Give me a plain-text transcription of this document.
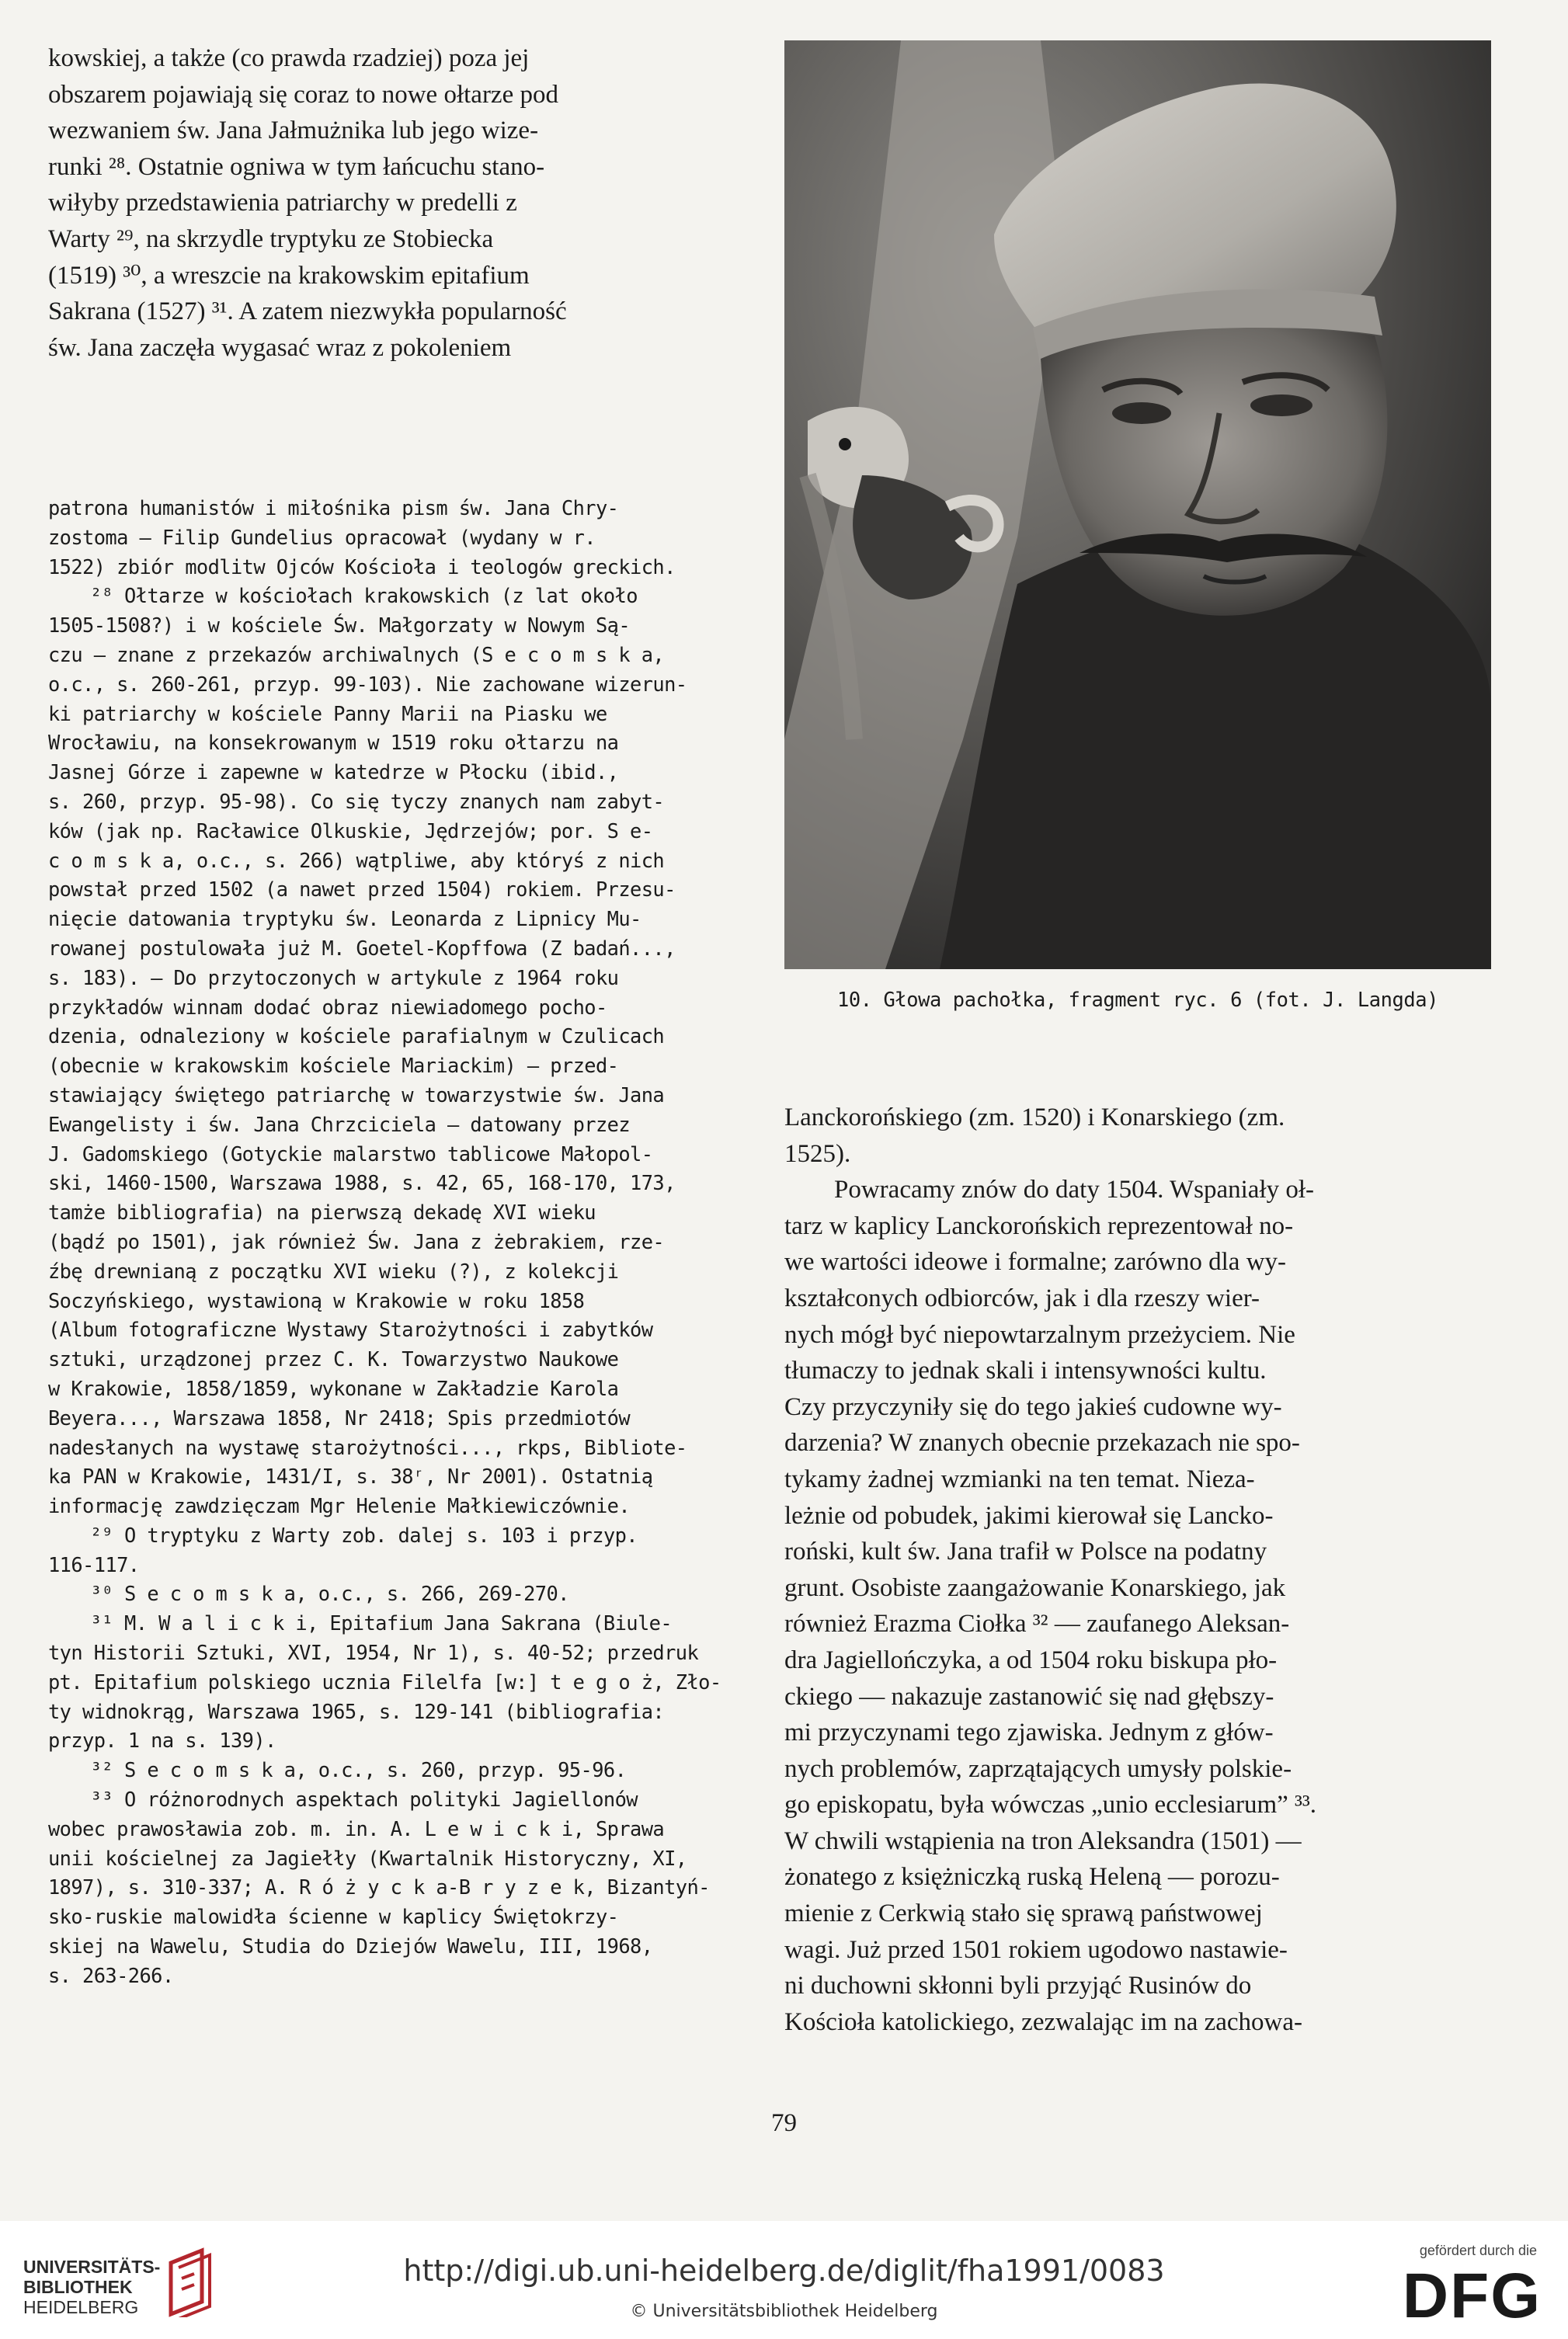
kowskiej, a także (co prawda rzadziej) poza jej

obszarem pojawiają się coraz to nowe ołtarze pod

wezwaniem św. Jana Jałmużnika lub jego wize-

runki ²⁸. Ostatnie ogniwa w tym łańcuchu stano-

wiłyby przedstawienia patriarchy w predelli z

Warty ²⁹, na skrzydle tryptyku ze Stobiecka

(1519) ³⁰, a wreszcie na krakowskim epitafium

Sakrana (1527) ³¹. A zatem niezwykła popularność

św. Jana zaczęła wygasać wraz z pokoleniem

patrona humanistów i miłośnika pism św. Jana Chry-

zostoma — Filip Gundelius opracował (wydany w r.

1522) zbiór modlitw Ojców Kościoła i teologów greckich.

²⁸ Ołtarze w kościołach krakowskich (z lat około

1505-1508?) i w kościele Św. Małgorzaty w Nowym Są-

czu — znane z przekazów archiwalnych (S e c o m s k a,

o.c., s. 260-261, przyp. 99-103). Nie zachowane wizerun-

ki patriarchy w kościele Panny Marii na Piasku we

Wrocławiu, na konsekrowanym w 1519 roku ołtarzu na

Jasnej Górze i zapewne w katedrze w Płocku (ibid.,

s. 260, przyp. 95-98). Co się tyczy znanych nam zabyt-

ków (jak np. Racławice Olkuskie, Jędrzejów; por. S e-

c o m s k a, o.c., s. 266) wątpliwe, aby któryś z nich

powstał przed 1502 (a nawet przed 1504) rokiem. Przesu-

nięcie datowania tryptyku św. Leonarda z Lipnicy Mu-

rowanej postulowała już M. Goetel-Kopffowa (Z badań...,

s. 183). — Do przytoczonych w artykule z 1964 roku

przykładów winnam dodać obraz niewiadomego pocho-

dzenia, odnaleziony w kościele parafialnym w Czulicach

(obecnie w krakowskim kościele Mariackim) — przed-

stawiający świętego patriarchę w towarzystwie św. Jana

Ewangelisty i św. Jana Chrzciciela — datowany przez

J. Gadomskiego (Gotyckie malarstwo tablicowe Małopol-

ski, 1460-1500, Warszawa 1988, s. 42, 65, 168-170, 173,

tamże bibliografia) na pierwszą dekadę XVI wieku

(bądź po 1501), jak również Św. Jana z żebrakiem, rze-

źbę drewnianą z początku XVI wieku (?), z kolekcji

Soczyńskiego, wystawioną w Krakowie w roku 1858

(Album fotograficzne Wystawy Starożytności i zabytków

sztuki, urządzonej przez C. K. Towarzystwo Naukowe

w Krakowie, 1858/1859, wykonane w Zakładzie Karola

Beyera..., Warszawa 1858, Nr 2418; Spis przedmiotów

nadesłanych na wystawę starożytności..., rkps, Bibliote-

ka PAN w Krakowie, 1431/I, s. 38ʳ, Nr 2001). Ostatnią

informację zawdzięczam Mgr Helenie Małkiewiczównie.

²⁹ O tryptyku z Warty zob. dalej s. 103 i przyp.

116-117.

³⁰ S e c o m s k a, o.c., s. 266, 269-270.

³¹ M. W a l i c k i, Epitafium Jana Sakrana (Biule-

tyn Historii Sztuki, XVI, 1954, Nr 1), s. 40-52; przedruk

pt. Epitafium polskiego ucznia Filelfa [w:] t e g o ż, Zło-

ty widnokrąg, Warszawa 1965, s. 129-141 (bibliografia:

przyp. 1 na s. 139).

³² S e c o m s k a, o.c., s. 260, przyp. 95-96.

³³ O różnorodnych aspektach polityki Jagiellonów

wobec prawosławia zob. m. in. A. L e w i c k i, Sprawa

unii kościelnej za Jagiełły (Kwartalnik Historyczny, XI,

1897), s. 310-337; A. R ó ż y c k a-B r y z e k, Bizantyń-

sko-ruskie malowidła ścienne w kaplicy Świętokrzy-

skiej na Wawelu, Studia do Dziejów Wawelu, III, 1968,

s. 263-266.

10. Głowa pachołka, fragment ryc. 6 (fot. J. Langda)

Lanckorońskiego (zm. 1520) i Konarskiego (zm.

1525).

Powracamy znów do daty 1504. Wspaniały oł-

tarz w kaplicy Lanckorońskich reprezentował no-

we wartości ideowe i formalne; zarówno dla wy-

kształconych odbiorców, jak i dla rzeszy wier-

nych mógł być niepowtarzalnym przeżyciem. Nie

tłumaczy to jednak skali i intensywności kultu.

Czy przyczyniły się do tego jakieś cudowne wy-

darzenia? W znanych obecnie przekazach nie spo-

tykamy żadnej wzmianki na ten temat. Nieza-

leżnie od pobudek, jakimi kierował się Lancko-

roński, kult św. Jana trafił w Polsce na podatny

grunt. Osobiste zaangażowanie Konarskiego, jak

również Erazma Ciołka ³² — zaufanego Aleksan-

dra Jagiellończyka, a od 1504 roku biskupa pło-

ckiego — nakazuje zastanowić się nad głębszy-

mi przyczynami tego zjawiska. Jednym z głów-

nych problemów, zaprzątających umysły polskie-

go episkopatu, była wówczas „unio ecclesiarum” ³³.

W chwili wstąpienia na tron Aleksandra (1501) —

żonatego z księżniczką ruską Heleną — porozu-

mienie z Cerkwią stało się sprawą państwowej

wagi. Już przed 1501 rokiem ugodowo nastawie-

ni duchowni skłonni byli przyjąć Rusinów do

Kościoła katolickiego, zezwalając im na zachowa-

79
UNIVERSITÄTS-
BIBLIOTHEK
HEIDELBERG
http://digi.ub.uni-heidelberg.de/diglit/fha1991/0083
© Universitätsbibliothek Heidelberg
gefördert durch die
DFG
